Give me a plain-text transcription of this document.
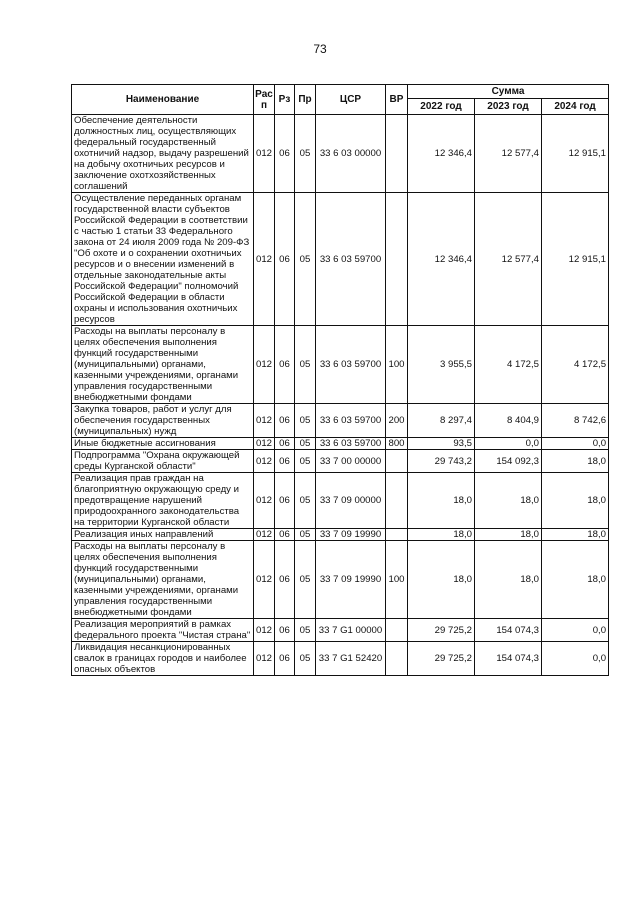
73
Наименование	Рас п	Рз	Пр	ЦСР	ВР	Сумма		
						2022 год	2023 год	2024 год
Обеспечение деятельности должностных лиц, осуществляющих федеральный государственный охотничий надзор, выдачу разрешений на добычу охотничьих ресурсов и заключение охотхозяйственных соглашений	012	06	05	33 6 03 00000		12 346,4	12 577,4	12 915,1
Осуществление переданных органам государственной власти субъектов Российской Федерации в соответствии с частью 1 статьи 33 Федерального закона от 24 июля 2009 года № 209-ФЗ "Об охоте и о сохранении охотничьих ресурсов и о внесении изменений в отдельные законодательные акты Российской Федерации" полномочий Российской Федерации в области охраны и использования охотничьих ресурсов	012	06	05	33 6 03 59700		12 346,4	12 577,4	12 915,1
Расходы на выплаты персоналу в целях обеспечения выполнения функций государственными (муниципальными) органами, казенными учреждениями, органами управления государственными внебюджетными фондами	012	06	05	33 6 03 59700	100	3 955,5	4 172,5	4 172,5
Закупка товаров, работ и услуг для обеспечения государственных (муниципальных) нужд	012	06	05	33 6 03 59700	200	8 297,4	8 404,9	8 742,6
Иные бюджетные ассигнования	012	06	05	33 6 03 59700	800	93,5	0,0	0,0
Подпрограмма "Охрана окружающей среды Курганской области"	012	06	05	33 7 00 00000		29 743,2	154 092,3	18,0
Реализация прав граждан на благоприятную окружающую среду и предотвращение нарушений природоохранного законодательства на территории Курганской области	012	06	05	33 7 09 00000		18,0	18,0	18,0
Реализация иных направлений	012	06	05	33 7 09 19990		18,0	18,0	18,0
Расходы на выплаты персоналу в целях обеспечения выполнения функций государственными (муниципальными) органами, казенными учреждениями, органами управления государственными внебюджетными фондами	012	06	05	33 7 09 19990	100	18,0	18,0	18,0
Реализация мероприятий в рамках федерального проекта "Чистая страна"	012	06	05	33 7 G1 00000		29 725,2	154 074,3	0,0
Ликвидация несанкционированных свалок в границах городов и наиболее опасных объектов	012	06	05	33 7 G1 52420		29 725,2	154 074,3	0,0
